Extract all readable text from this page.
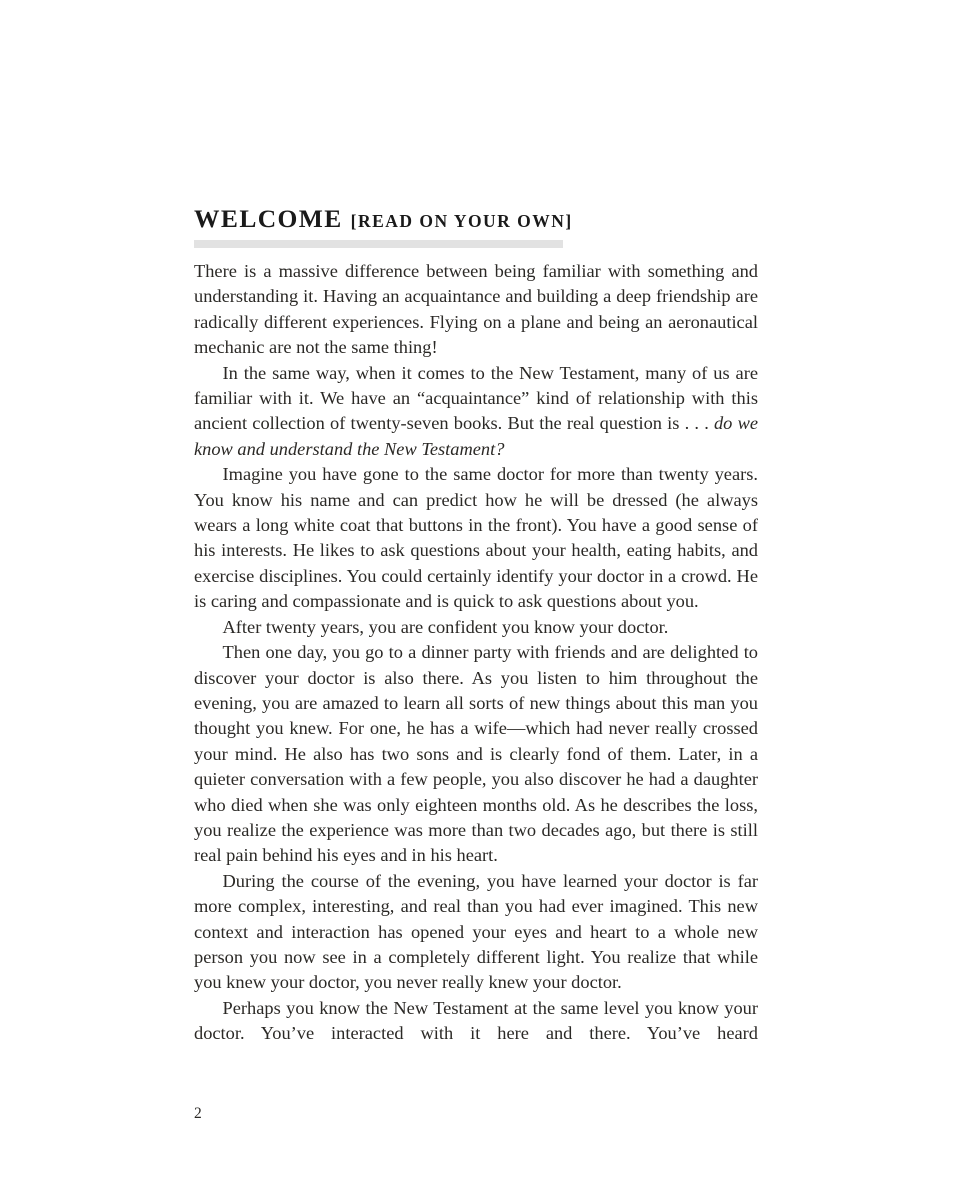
WELCOME [READ ON YOUR OWN]

There is a massive difference between being familiar with something and understanding it. Having an acquaintance and building a deep friendship are radically different experiences. Flying on a plane and being an aeronautical mechanic are not the same thing!

In the same way, when it comes to the New Testament, many of us are familiar with it. We have an “acquaintance” kind of relationship with this ancient collection of twenty-seven books. But the real question is . . . do we know and understand the New Testament?

Imagine you have gone to the same doctor for more than twenty years. You know his name and can predict how he will be dressed (he always wears a long white coat that buttons in the front). You have a good sense of his interests. He likes to ask questions about your health, eating habits, and exercise disciplines. You could certainly identify your doctor in a crowd. He is caring and compassionate and is quick to ask questions about you.

After twenty years, you are confident you know your doctor.

Then one day, you go to a dinner party with friends and are delighted to discover your doctor is also there. As you listen to him throughout the evening, you are amazed to learn all sorts of new things about this man you thought you knew. For one, he has a wife—which had never really crossed your mind. He also has two sons and is clearly fond of them. Later, in a quieter conversation with a few people, you also discover he had a daughter who died when she was only eighteen months old. As he describes the loss, you realize the experience was more than two decades ago, but there is still real pain behind his eyes and in his heart.

During the course of the evening, you have learned your doctor is far more complex, interesting, and real than you had ever imagined. This new context and interaction has opened your eyes and heart to a whole new person you now see in a completely different light. You realize that while you knew your doctor, you never really knew your doctor.

Perhaps you know the New Testament at the same level you know your doctor. You’ve interacted with it here and there. You’ve heard

2
